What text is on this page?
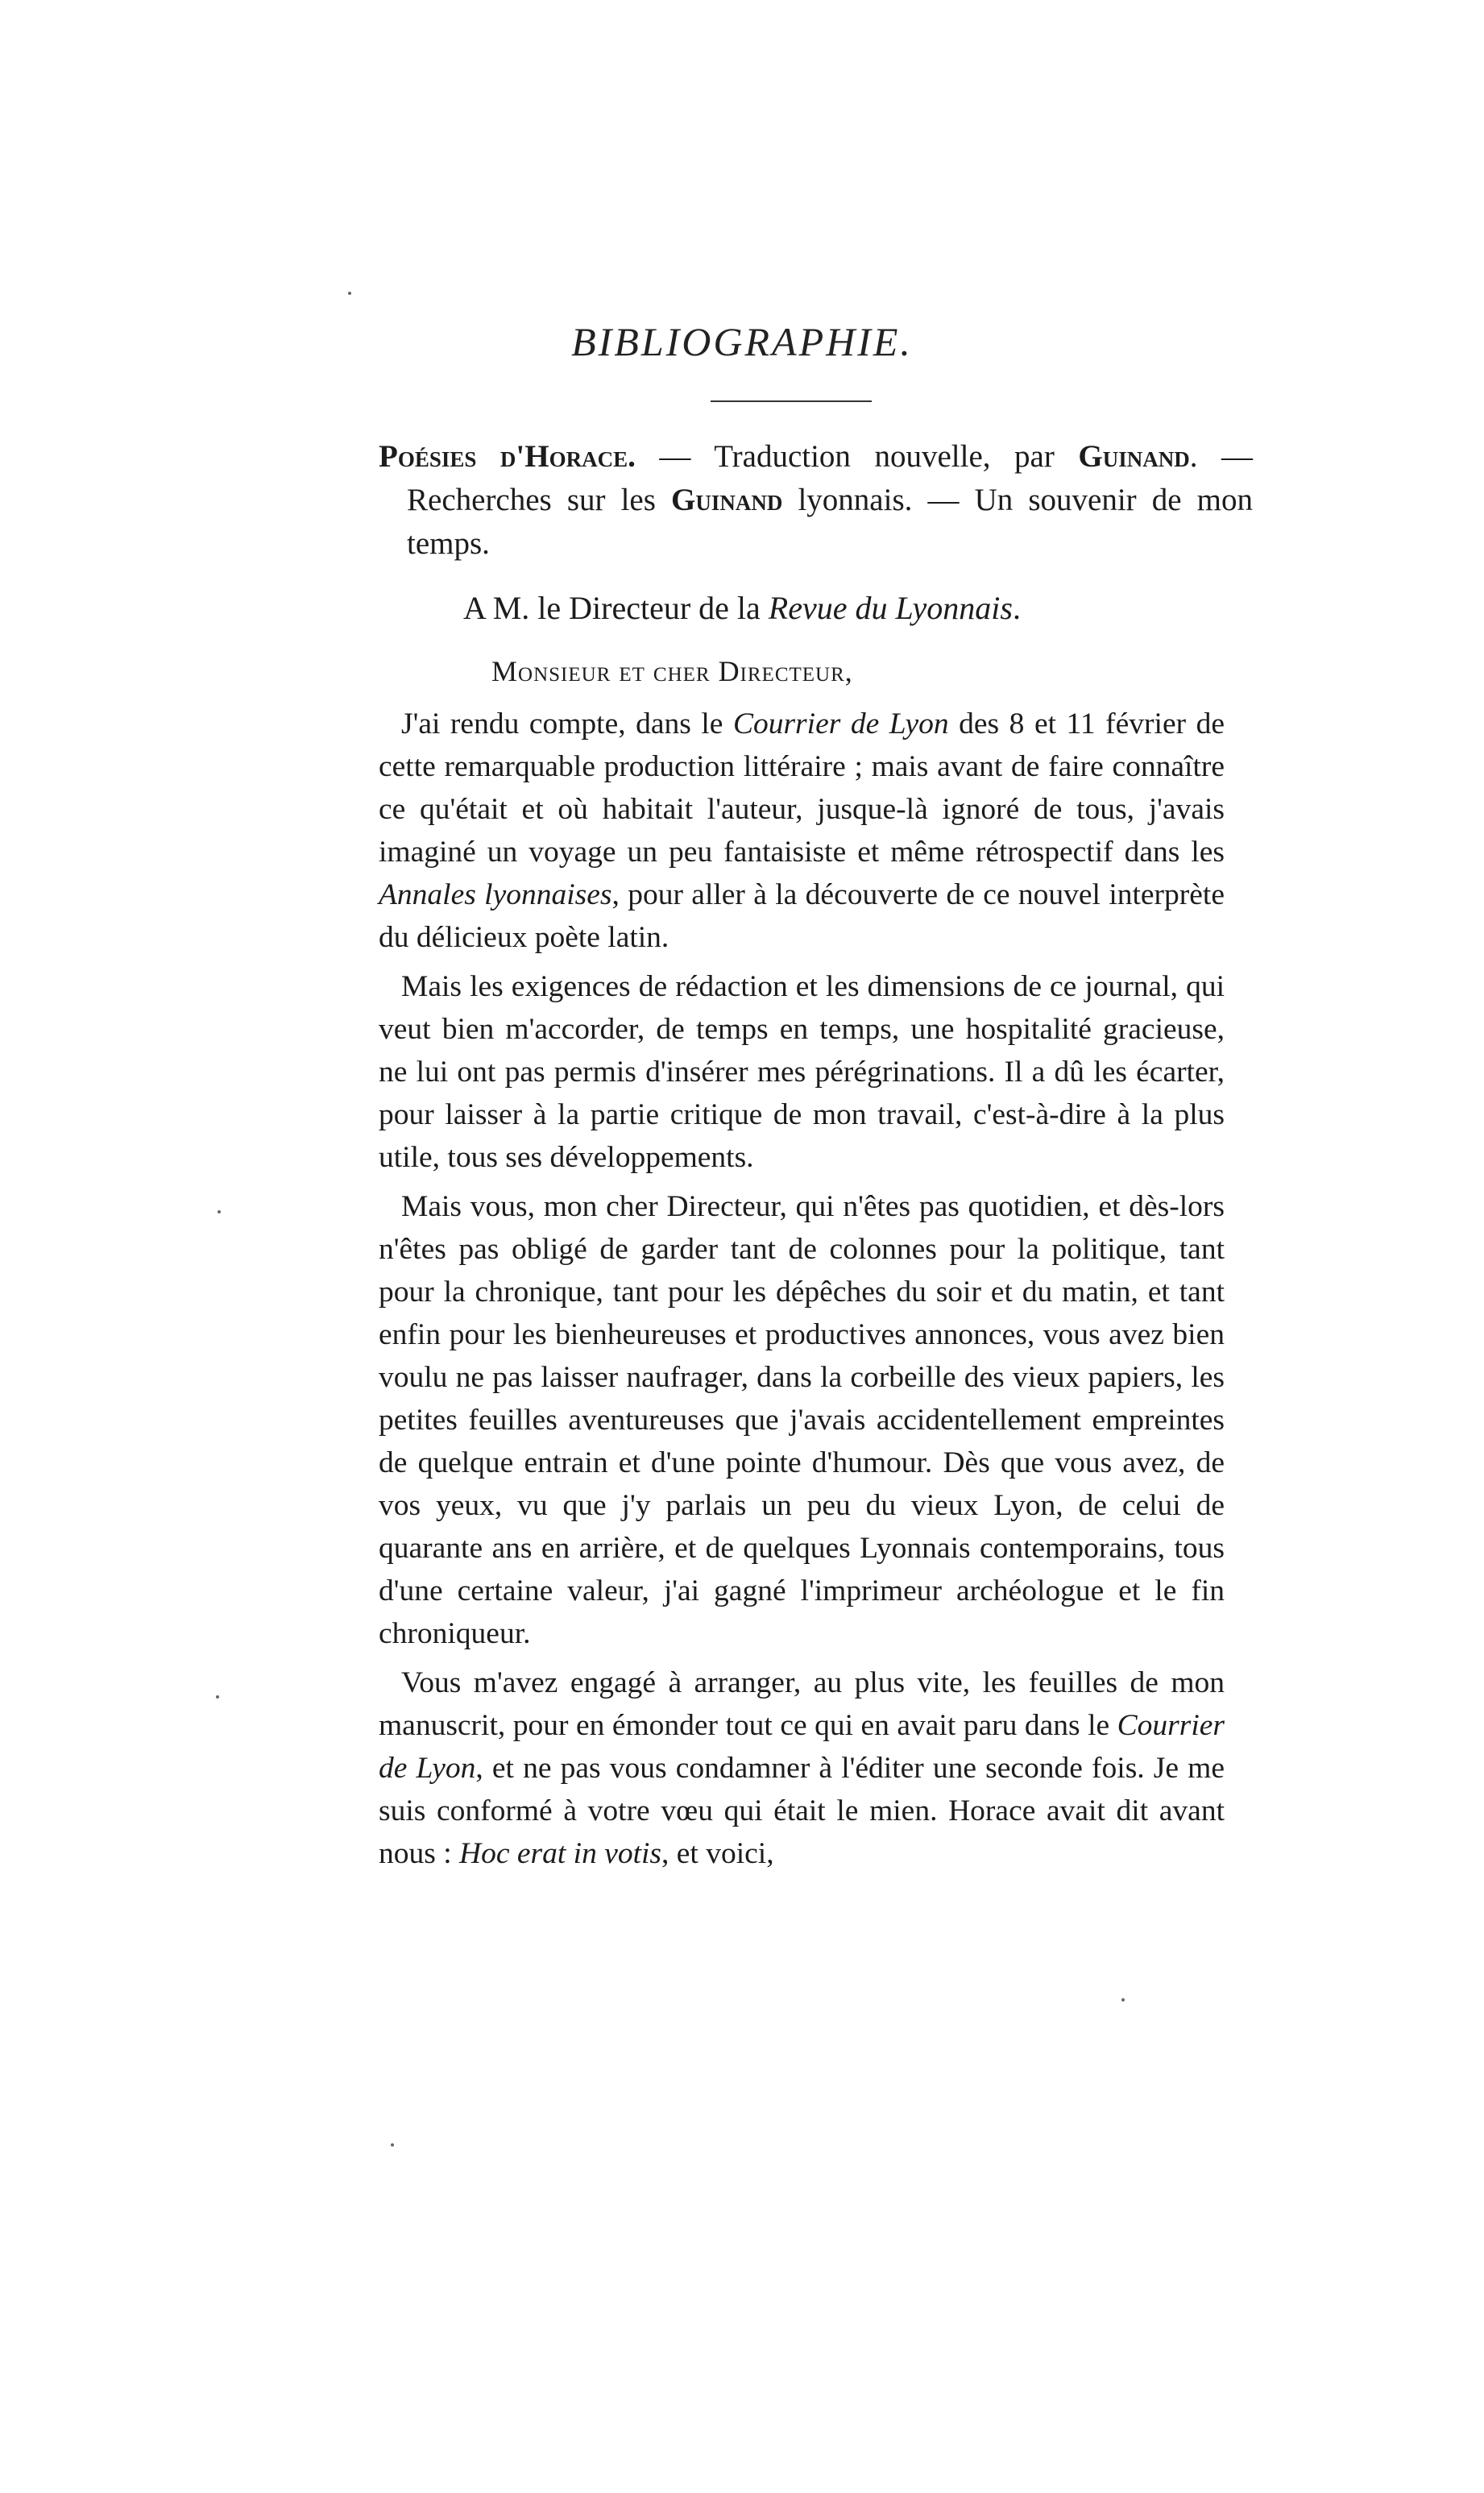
BIBLIOGRAPHIE.
Poésies d'Horace. — Traduction nouvelle, par Guinand. — Recherches sur les Guinand lyonnais. — Un souvenir de mon temps.
A M. le Directeur de la Revue du Lyonnais.
Monsieur et cher Directeur,

J'ai rendu compte, dans le Courrier de Lyon des 8 et 11 février de cette remarquable production littéraire ; mais avant de faire connaître ce qu'était et où habitait l'auteur, jusque-là ignoré de tous, j'avais imaginé un voyage un peu fantaisiste et même rétrospectif dans les Annales lyonnaises, pour aller à la découverte de ce nouvel interprète du délicieux poète latin.

Mais les exigences de rédaction et les dimensions de ce journal, qui veut bien m'accorder, de temps en temps, une hospitalité gracieuse, ne lui ont pas permis d'insérer mes pérégrinations. Il a dû les écarter, pour laisser à la partie critique de mon travail, c'est-à-dire à la plus utile, tous ses développements.

Mais vous, mon cher Directeur, qui n'êtes pas quotidien, et dès-lors n'êtes pas obligé de garder tant de colonnes pour la politique, tant pour la chronique, tant pour les dépêches du soir et du matin, et tant enfin pour les bienheureuses et productives annonces, vous avez bien voulu ne pas laisser naufrager, dans la corbeille des vieux papiers, les petites feuilles aventureuses que j'avais accidentellement empreintes de quelque entrain et d'une pointe d'humour. Dès que vous avez, de vos yeux, vu que j'y parlais un peu du vieux Lyon, de celui de quarante ans en arrière, et de quelques Lyonnais contemporains, tous d'une certaine valeur, j'ai gagné l'imprimeur archéologue et le fin chroniqueur.

Vous m'avez engagé à arranger, au plus vite, les feuilles de mon manuscrit, pour en émonder tout ce qui en avait paru dans le Courrier de Lyon, et ne pas vous condamner à l'éditer une seconde fois. Je me suis conformé à votre vœu qui était le mien. Horace avait dit avant nous : Hoc erat in votis, et voici,
